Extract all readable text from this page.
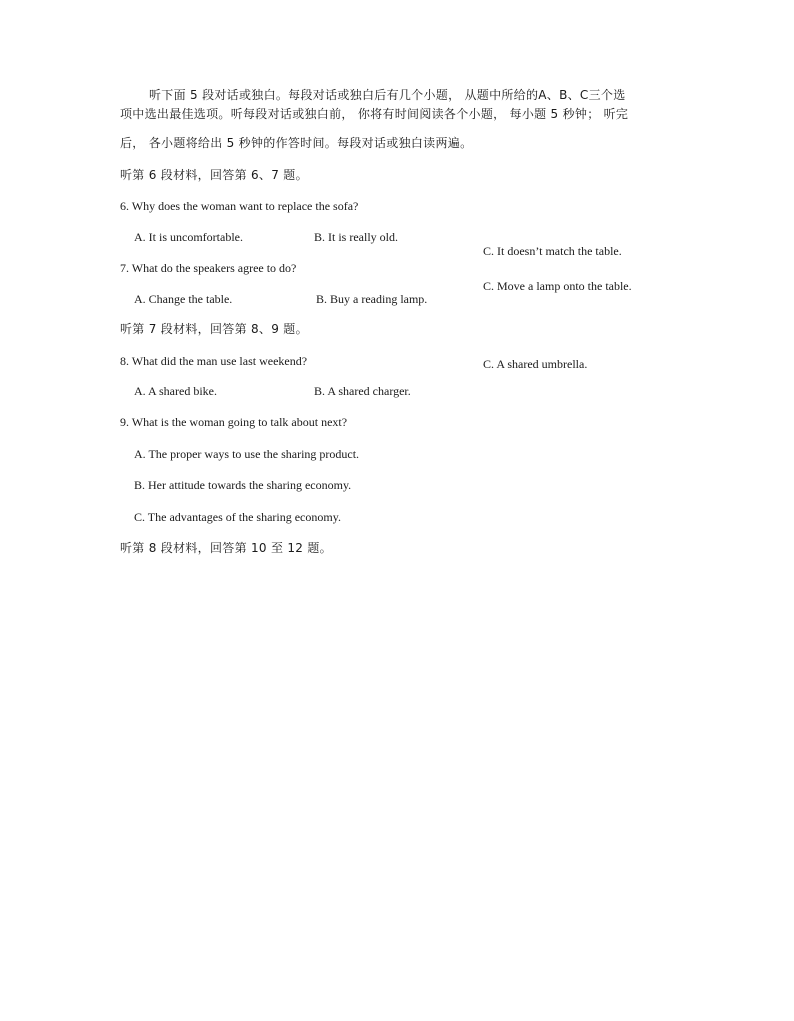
听下面 5 段对话或独白。每段对话或独白后有几个小题， 从题中所给的A、B、C三个选
项中选出最佳选项。听每段对话或独白前， 你将有时间阅读各个小题， 每小题 5 秒钟； 听完
后， 各小题将给出 5 秒钟的作答时间。每段对话或独白读两遍。
听第 6 段材料，回答第 6、7 题。
6. Why does the woman want to replace the sofa?
A. It is uncomfortable.	B. It is really old.
C. It doesn’t match the table.
7. What do the speakers agree to do?
C. Move a lamp onto the table.
A. Change the table.	B. Buy a reading lamp.
听第 7 段材料，回答第 8、9 题。
8. What did the man use last weekend?	C. A shared umbrella.
A. A shared bike.	B. A shared charger.
9. What is the woman going to talk about next?
A. The proper ways to use the sharing product.
B. Her attitude towards the sharing economy.
C. The advantages of the sharing economy.
听第 8 段材料，回答第 10 至 12 题。
